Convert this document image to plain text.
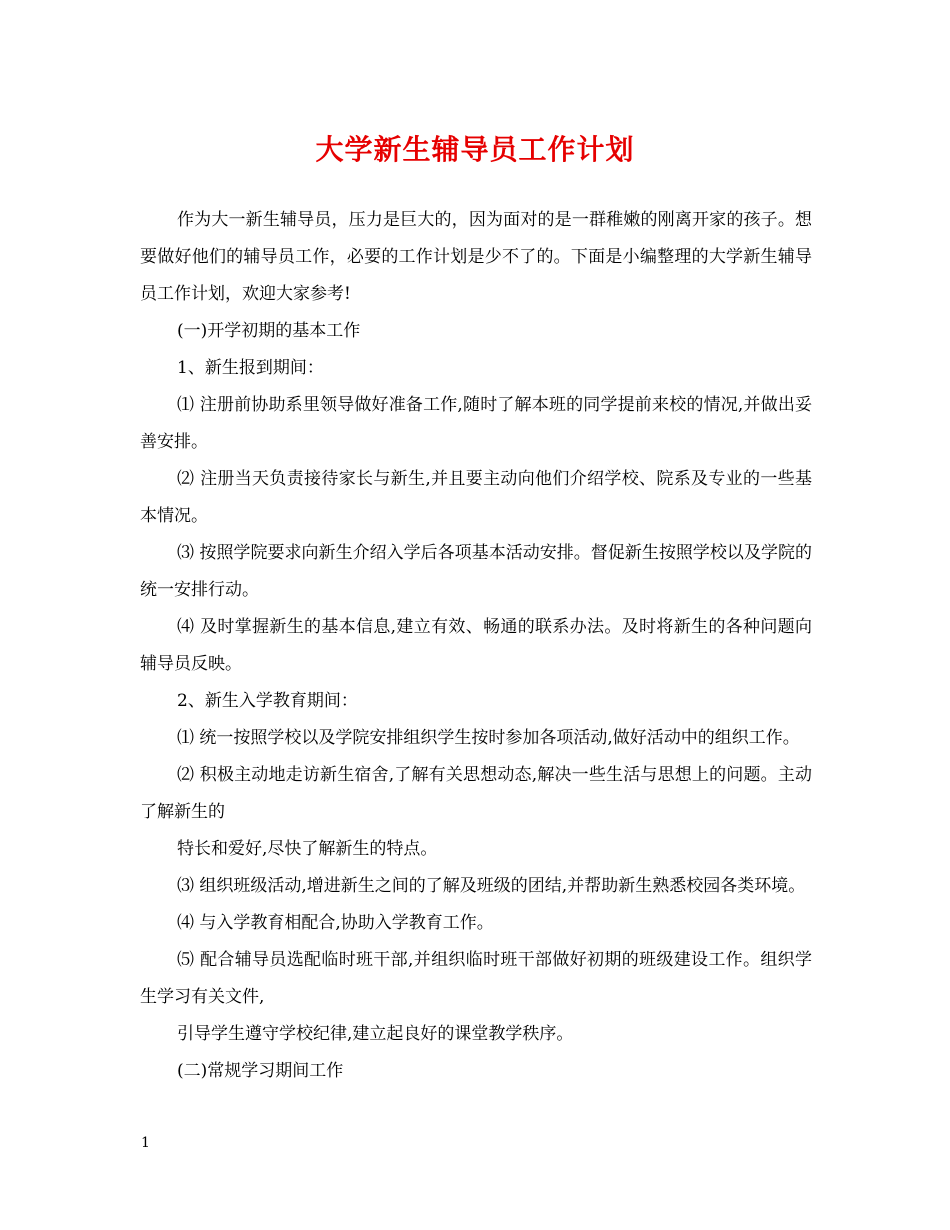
大学新生辅导员工作计划

作为大一新生辅导员，压力是巨大的，因为面对的是一群稚嫩的刚离开家的孩子。想要做好他们的辅导员工作，必要的工作计划是少不了的。下面是小编整理的大学新生辅导员工作计划，欢迎大家参考!

(一)开学初期的基本工作

1、新生报到期间：

⑴ 注册前协助系里领导做好准备工作,随时了解本班的同学提前来校的情况,并做出妥善安排。

⑵ 注册当天负责接待家长与新生,并且要主动向他们介绍学校、院系及专业的一些基本情况。

⑶ 按照学院要求向新生介绍入学后各项基本活动安排。督促新生按照学校以及学院的统一安排行动。

⑷ 及时掌握新生的基本信息,建立有效、畅通的联系办法。及时将新生的各种问题向辅导员反映。

2、新生入学教育期间：

⑴ 统一按照学校以及学院安排组织学生按时参加各项活动,做好活动中的组织工作。

⑵ 积极主动地走访新生宿舍,了解有关思想动态,解决一些生活与思想上的问题。主动了解新生的

特长和爱好,尽快了解新生的特点。

⑶ 组织班级活动,增进新生之间的了解及班级的团结,并帮助新生熟悉校园各类环境。

⑷ 与入学教育相配合,协助入学教育工作。

⑸ 配合辅导员选配临时班干部,并组织临时班干部做好初期的班级建设工作。组织学生学习有关文件,

引导学生遵守学校纪律,建立起良好的课堂教学秩序。

(二)常规学习期间工作

1
